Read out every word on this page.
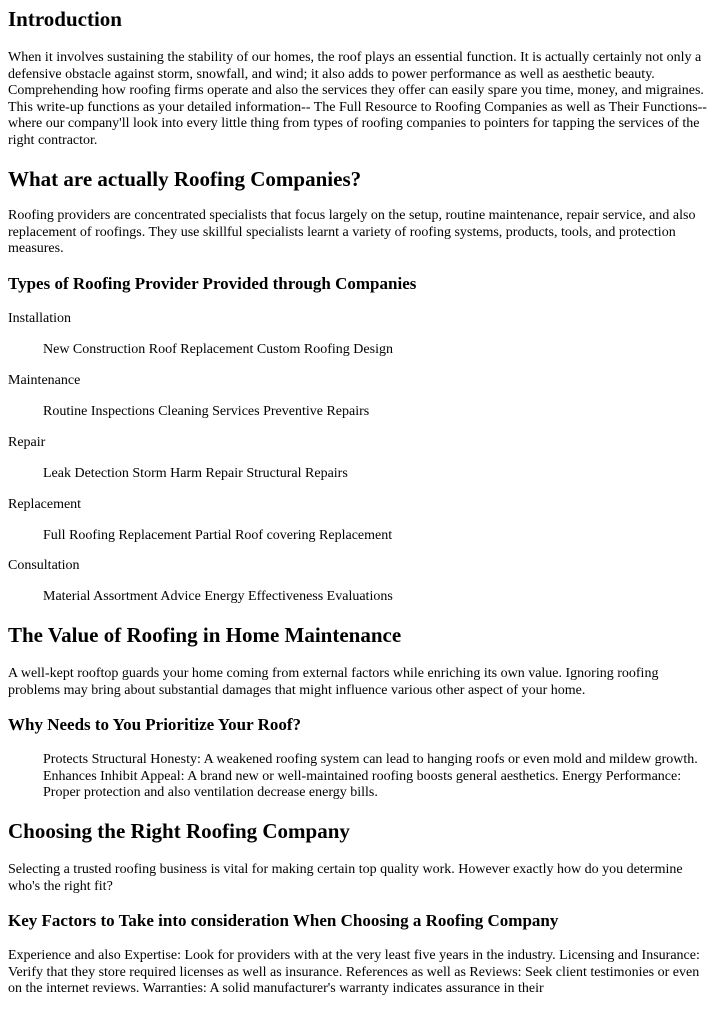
Introduction

When it involves sustaining the stability of our homes, the roof plays an essential function. It is actually certainly not only a defensive obstacle against storm, snowfall, and wind; it also adds to power performance as well as aesthetic beauty. Comprehending how roofing firms operate and also the services they offer can easily spare you time, money, and migraines. This write-up functions as your detailed information-- The Full Resource to Roofing Companies as well as Their Functions-- where our company'll look into every little thing from types of roofing companies to pointers for tapping the services of the right contractor.

What are actually Roofing Companies?

Roofing providers are concentrated specialists that focus largely on the setup, routine maintenance, repair service, and also replacement of roofings. They use skillful specialists learnt a variety of roofing systems, products, tools, and protection measures.

Types of Roofing Provider Provided through Companies

Installation

New Construction Roof Replacement Custom Roofing Design

Maintenance

Routine Inspections Cleaning Services Preventive Repairs

Repair

Leak Detection Storm Harm Repair Structural Repairs

Replacement

Full Roofing Replacement Partial Roof covering Replacement

Consultation

Material Assortment Advice Energy Effectiveness Evaluations

The Value of Roofing in Home Maintenance

A well-kept rooftop guards your home coming from external factors while enriching its own value. Ignoring roofing problems may bring about substantial damages that might influence various other aspect of your home.

Why Needs to You Prioritize Your Roof?

Protects Structural Honesty: A weakened roofing system can lead to hanging roofs or even mold and mildew growth. Enhances Inhibit Appeal: A brand new or well-maintained roofing boosts general aesthetics. Energy Performance: Proper protection and also ventilation decrease energy bills.

Choosing the Right Roofing Company

Selecting a trusted roofing business is vital for making certain top quality work. However exactly how do you determine who's the right fit?

Key Factors to Take into consideration When Choosing a Roofing Company

Experience and also Expertise: Look for providers with at the very least five years in the industry. Licensing and Insurance: Verify that they store required licenses as well as insurance. References as well as Reviews: Seek client testimonies or even on the internet reviews. Warranties: A solid manufacturer's warranty indicates assurance in their
